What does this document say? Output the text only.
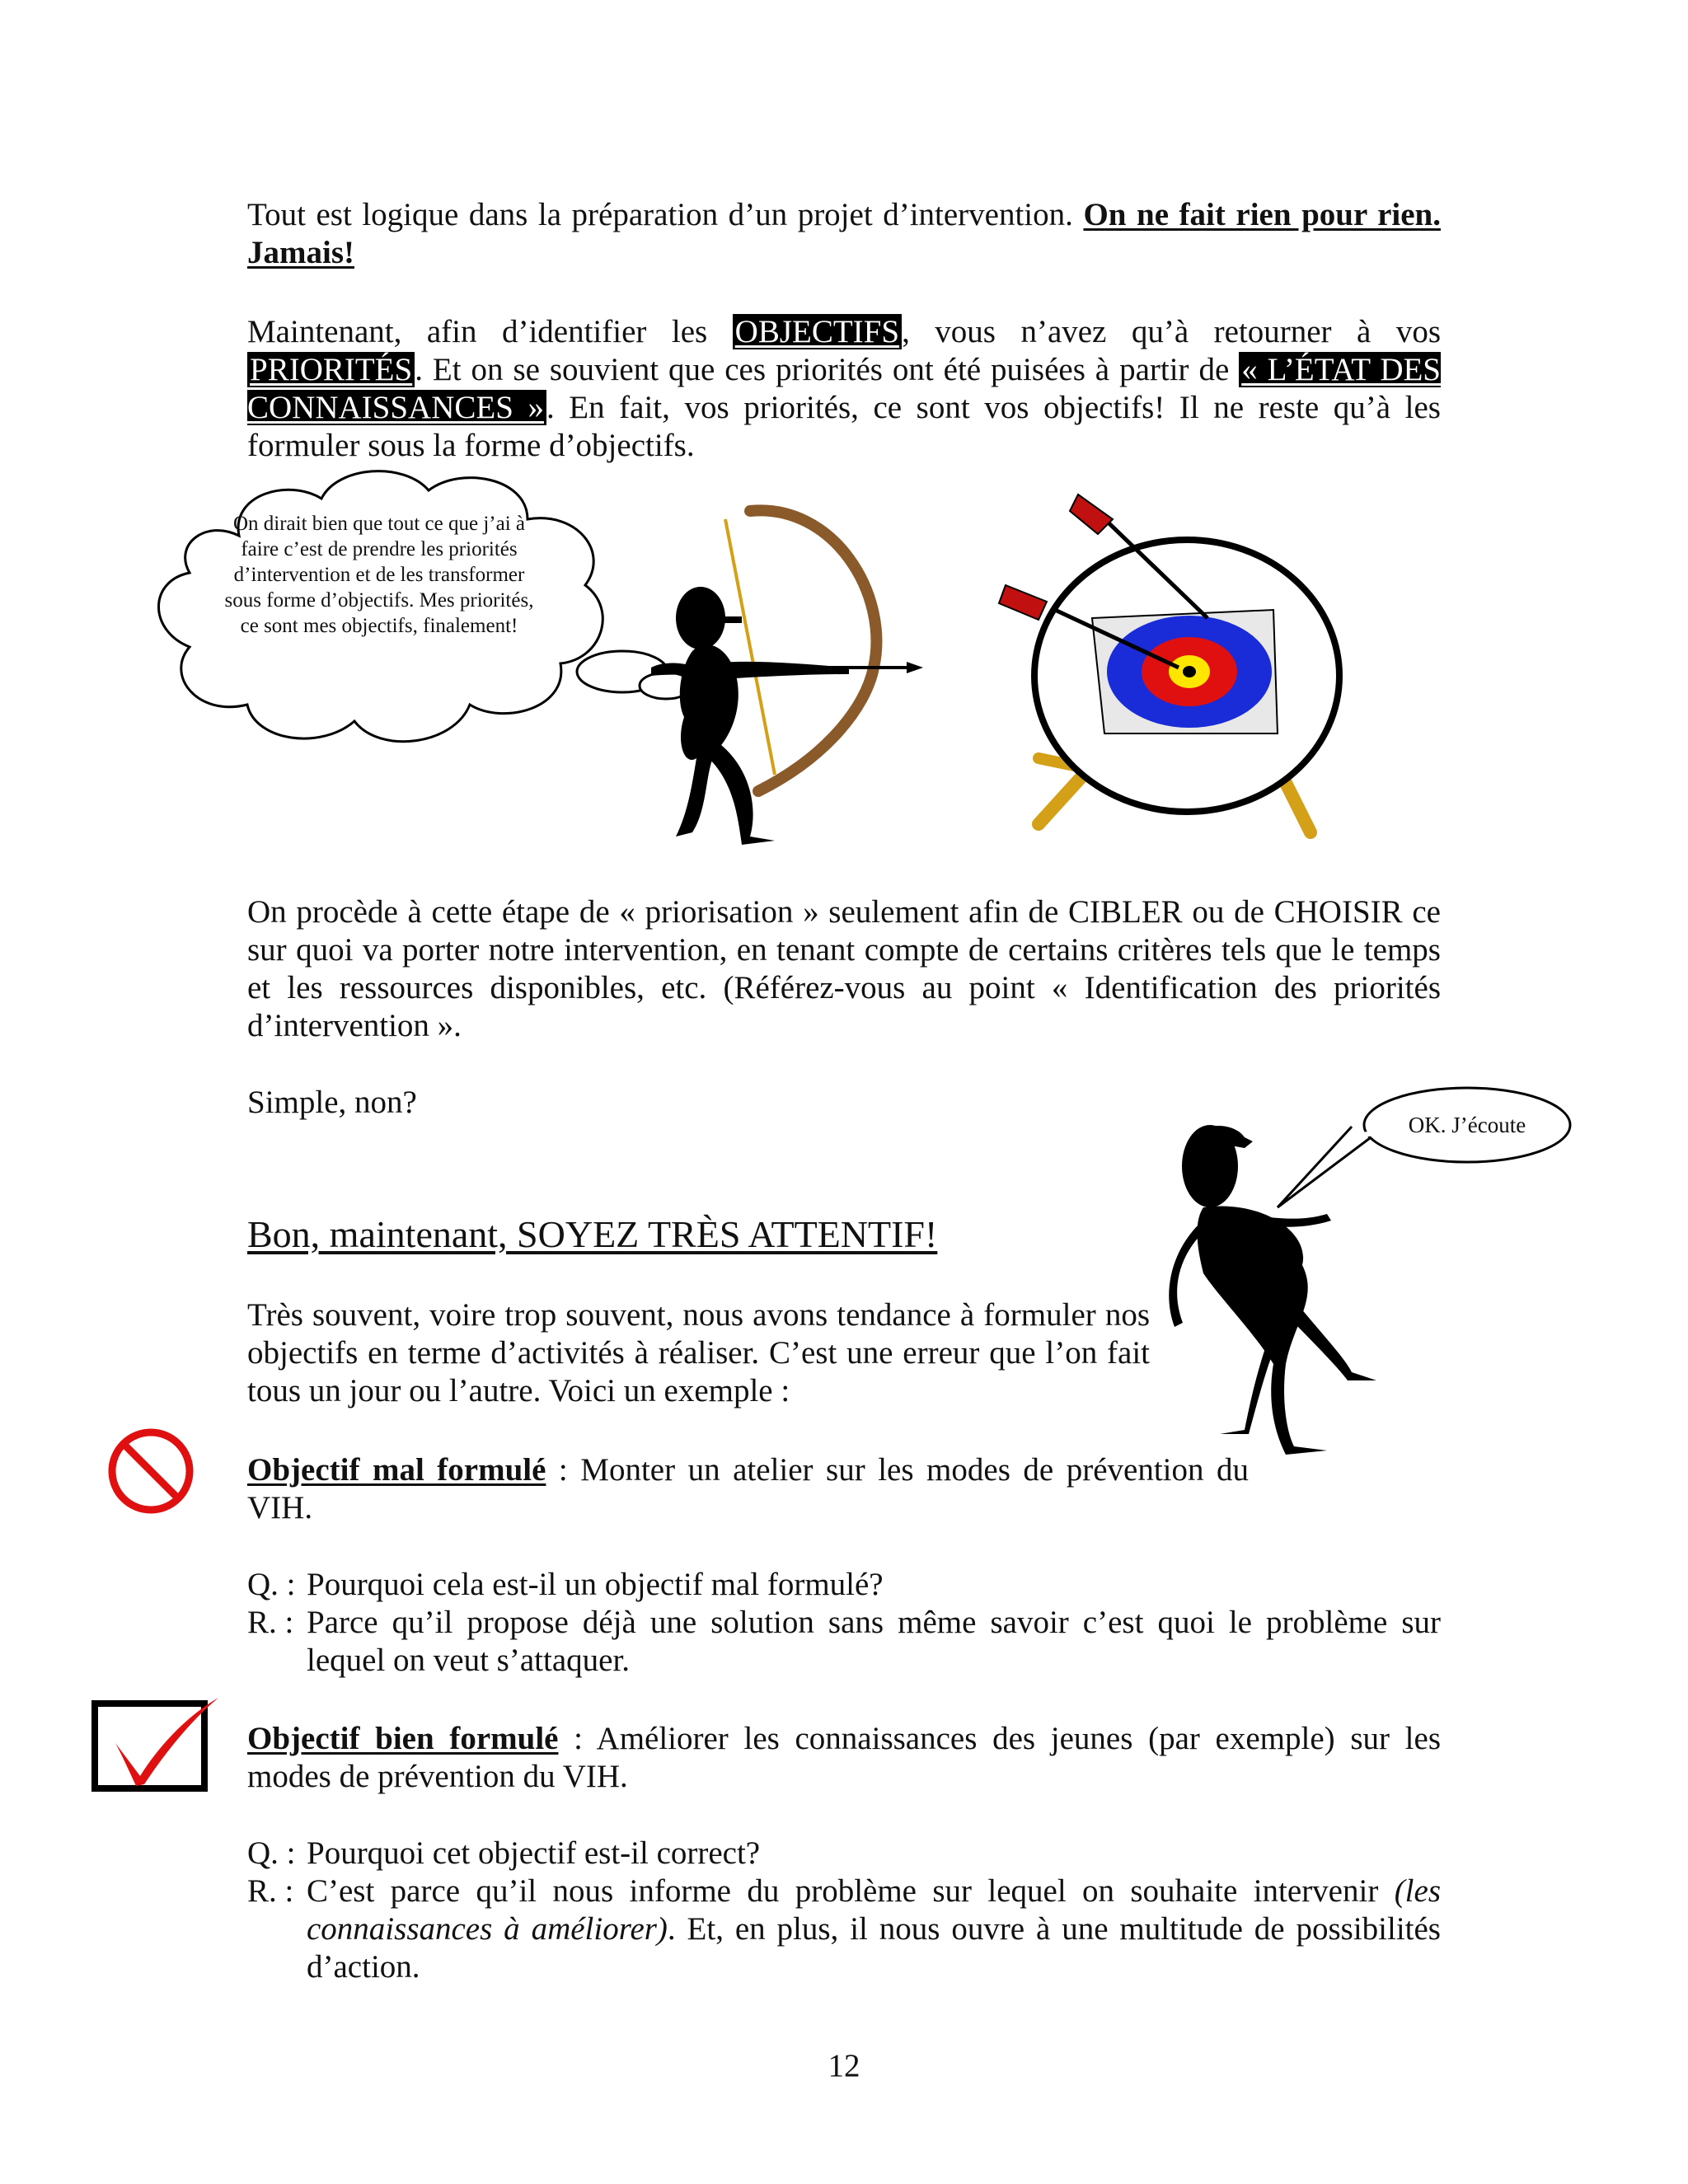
Tout est logique dans la préparation d’un projet d’intervention. On ne fait rien pour rien. Jamais!
Maintenant, afin d’identifier les OBJECTIFS, vous n’avez qu’à retourner à vos PRIORITÉS. Et on se souvient que ces priorités ont été puisées à partir de « L’ÉTAT DES CONNAISSANCES ». En fait, vos priorités, ce sont vos objectifs! Il ne reste qu’à les formuler sous la forme d’objectifs.
On dirait bien que tout ce que j’ai à faire c’est de prendre les priorités d’intervention et de les transformer sous forme d’objectifs. Mes priorités, ce sont mes objectifs, finalement!
On procède à cette étape de « priorisation » seulement afin de CIBLER ou de CHOISIR ce sur quoi va porter notre intervention, en tenant compte de certains critères tels que le temps et les ressources disponibles, etc. (Référez-vous au point « Identification des priorités d’intervention ».
Simple, non?
OK. J’écoute
Bon, maintenant, SOYEZ TRÈS ATTENTIF!
Très souvent, voire trop souvent, nous avons tendance à formuler nos objectifs en terme d’activités à réaliser. C’est une erreur que l’on fait tous un jour ou l’autre. Voici un exemple :
Objectif mal formulé : Monter un atelier sur les modes de prévention du VIH.
Q. : Pourquoi cela est-il un objectif mal formulé?
R. : Parce qu’il propose déjà une solution sans même savoir c’est quoi le problème sur lequel on veut s’attaquer.
Objectif bien formulé : Améliorer les connaissances des jeunes (par exemple) sur les modes de prévention du VIH.
Q. : Pourquoi cet objectif est-il correct?
R. : C’est parce qu’il nous informe du problème sur lequel on souhaite intervenir (les connaissances à améliorer). Et, en plus, il nous ouvre à une multitude de possibilités d’action.
12
